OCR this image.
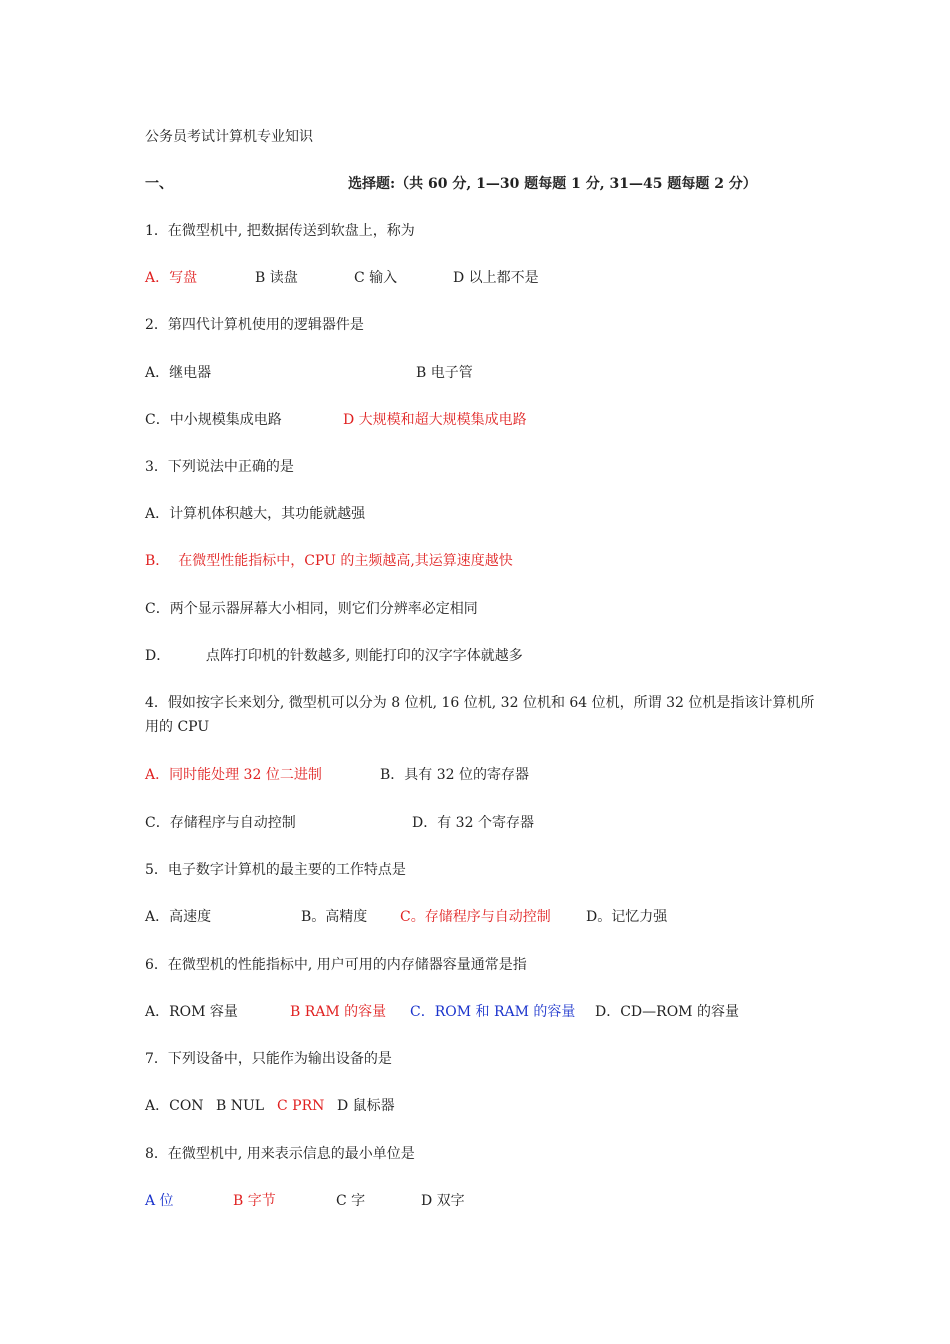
公务员考试计算机专业知识
一、	选择题:（共 60 分, 1—30 题每题 1 分, 31—45 题每题 2 分）
1．在微型机中, 把数据传送到软盘上，称为
A．写盘	B 读盘	C 输入	D 以上都不是
2．第四代计算机使用的逻辑器件是
A．继电器	B 电子管
C．中小规模集成电路	D 大规模和超大规模集成电路
3．下列说法中正确的是
A．计算机体积越大，其功能就越强
B．  在微型性能指标中，CPU 的主频越高,其运算速度越快
C．两个显示器屏幕大小相同，则它们分辨率必定相同
D．        点阵打印机的针数越多, 则能打印的汉字字体就越多
4．假如按字长来划分, 微型机可以分为 8 位机, 16 位机, 32 位机和 64 位机，所谓 32 位机是指该计算机所用的 CPU
A．同时能处理 32 位二进制	B．具有 32 位的寄存器
C．存储程序与自动控制	D．有 32 个寄存器
5．电子数字计算机的最主要的工作特点是
A．高速度	B。高精度 C。存储程序与自动控制	D。记忆力强
6．在微型机的性能指标中, 用户可用的内存储器容量通常是指
A．ROM 容量	B RAM 的容量 C．ROM 和 RAM 的容量 D．CD—ROM 的容量
7．下列设备中，只能作为输出设备的是
A．CON B NUL C PRN D 鼠标器
8．在微型机中, 用来表示信息的最小单位是
A 位	B 字节	C 字	D 双字
